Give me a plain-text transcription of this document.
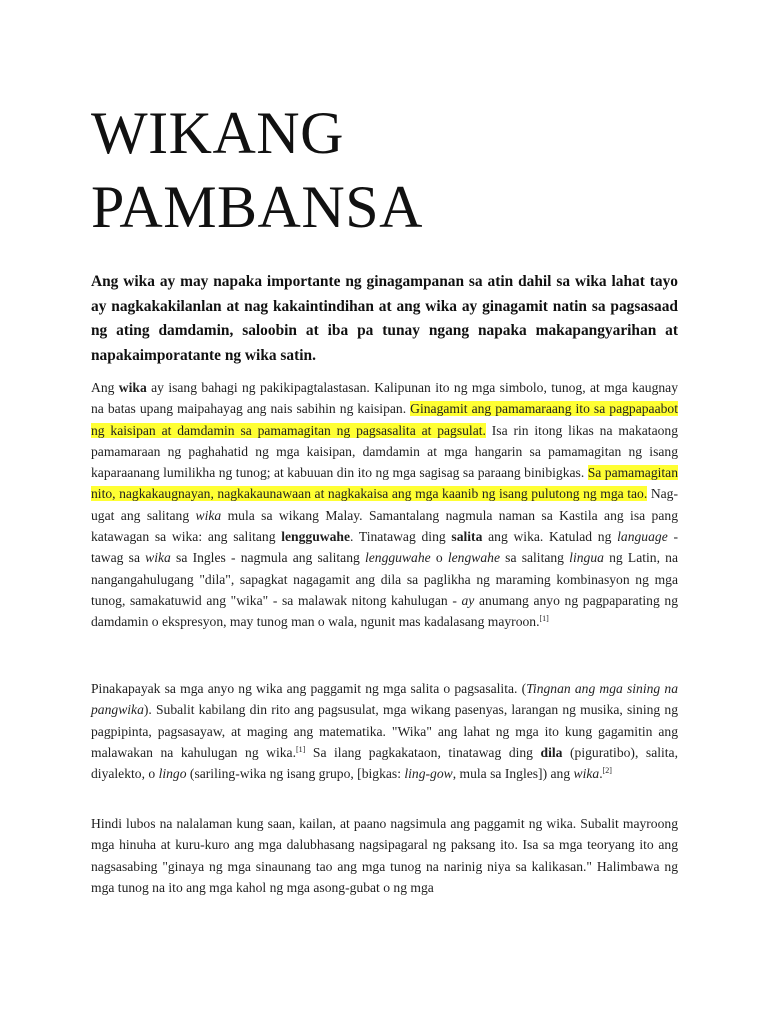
WIKANG
PAMBANSA

Ang wika ay may napaka importante ng ginagampanan sa atin dahil sa wika lahat tayo ay nagkakakilanlan at nag kakaintindihan at ang wika ay ginagamit natin sa pagsasaad ng ating damdamin, saloobin at iba pa tunay ngang napaka makapangyarihan at napakaimporatante ng wika satin.

Ang wika ay isang bahagi ng pakikipagtalastasan. Kalipunan ito ng mga simbolo, tunog, at mga kaugnay na batas upang maipahayag ang nais sabihin ng kaisipan. Ginagamit ang pamamaraang ito sa pagpapaabot ng kaisipan at damdamin sa pamamagitan ng pagsasalita at pagsulat. Isa rin itong likas na makataong pamamaraan ng paghahatid ng mga kaisipan, damdamin at mga hangarin sa pamamagitan ng isang kaparaanang lumilikha ng tunog; at kabuuan din ito ng mga sagisag sa paraang binibigkas. Sa pamamagitan nito, nagkakaugnayan, nagkakaunawaan at nagkakaisa ang mga kaanib ng isang pulutong ng mga tao. Nag-ugat ang salitang wika mula sa wikang Malay. Samantalang nagmula naman sa Kastila ang isa pang katawagan sa wika: ang salitang lengguwahe. Tinatawag ding salita ang wika. Katulad ng language - tawag sa wika sa Ingles - nagmula ang salitang lengguwahe o lengwahe sa salitang lingua ng Latin, na nangangahulugang "dila", sapagkat nagagamit ang dila sa paglikha ng maraming kombinasyon ng mga tunog, samakatuwid ang "wika" - sa malawak nitong kahulugan - ay anumang anyo ng pagpaparating ng damdamin o ekspresyon, may tunog man o wala, ngunit mas kadalasang mayroon.[1]

Pinakapayak sa mga anyo ng wika ang paggamit ng mga salita o pagsasalita. (Tingnan ang mga sining na pangwika). Subalit kabilang din rito ang pagsusulat, mga wikang pasenyas, larangan ng musika, sining ng pagpipinta, pagsasayaw, at maging ang matematika. "Wika" ang lahat ng mga ito kung gagamitin ang malawakan na kahulugan ng wika.[1] Sa ilang pagkakataon, tinatawag ding dila (piguratibo), salita, diyalekto, o lingo (sariling-wika ng isang grupo, [bigkas: ling-gow, mula sa Ingles]) ang wika.[2]

Hindi lubos na nalalaman kung saan, kailan, at paano nagsimula ang paggamit ng wika. Subalit mayroong mga hinuha at kuru-kuro ang mga dalubhasang nagsipagaral ng paksang ito. Isa sa mga teoryang ito ang nagsasabing "ginaya ng mga sinaunang tao ang mga tunog na narinig niya sa kalikasan." Halimbawa ng mga tunog na ito ang mga kahol ng mga asong-gubat o ng mga
